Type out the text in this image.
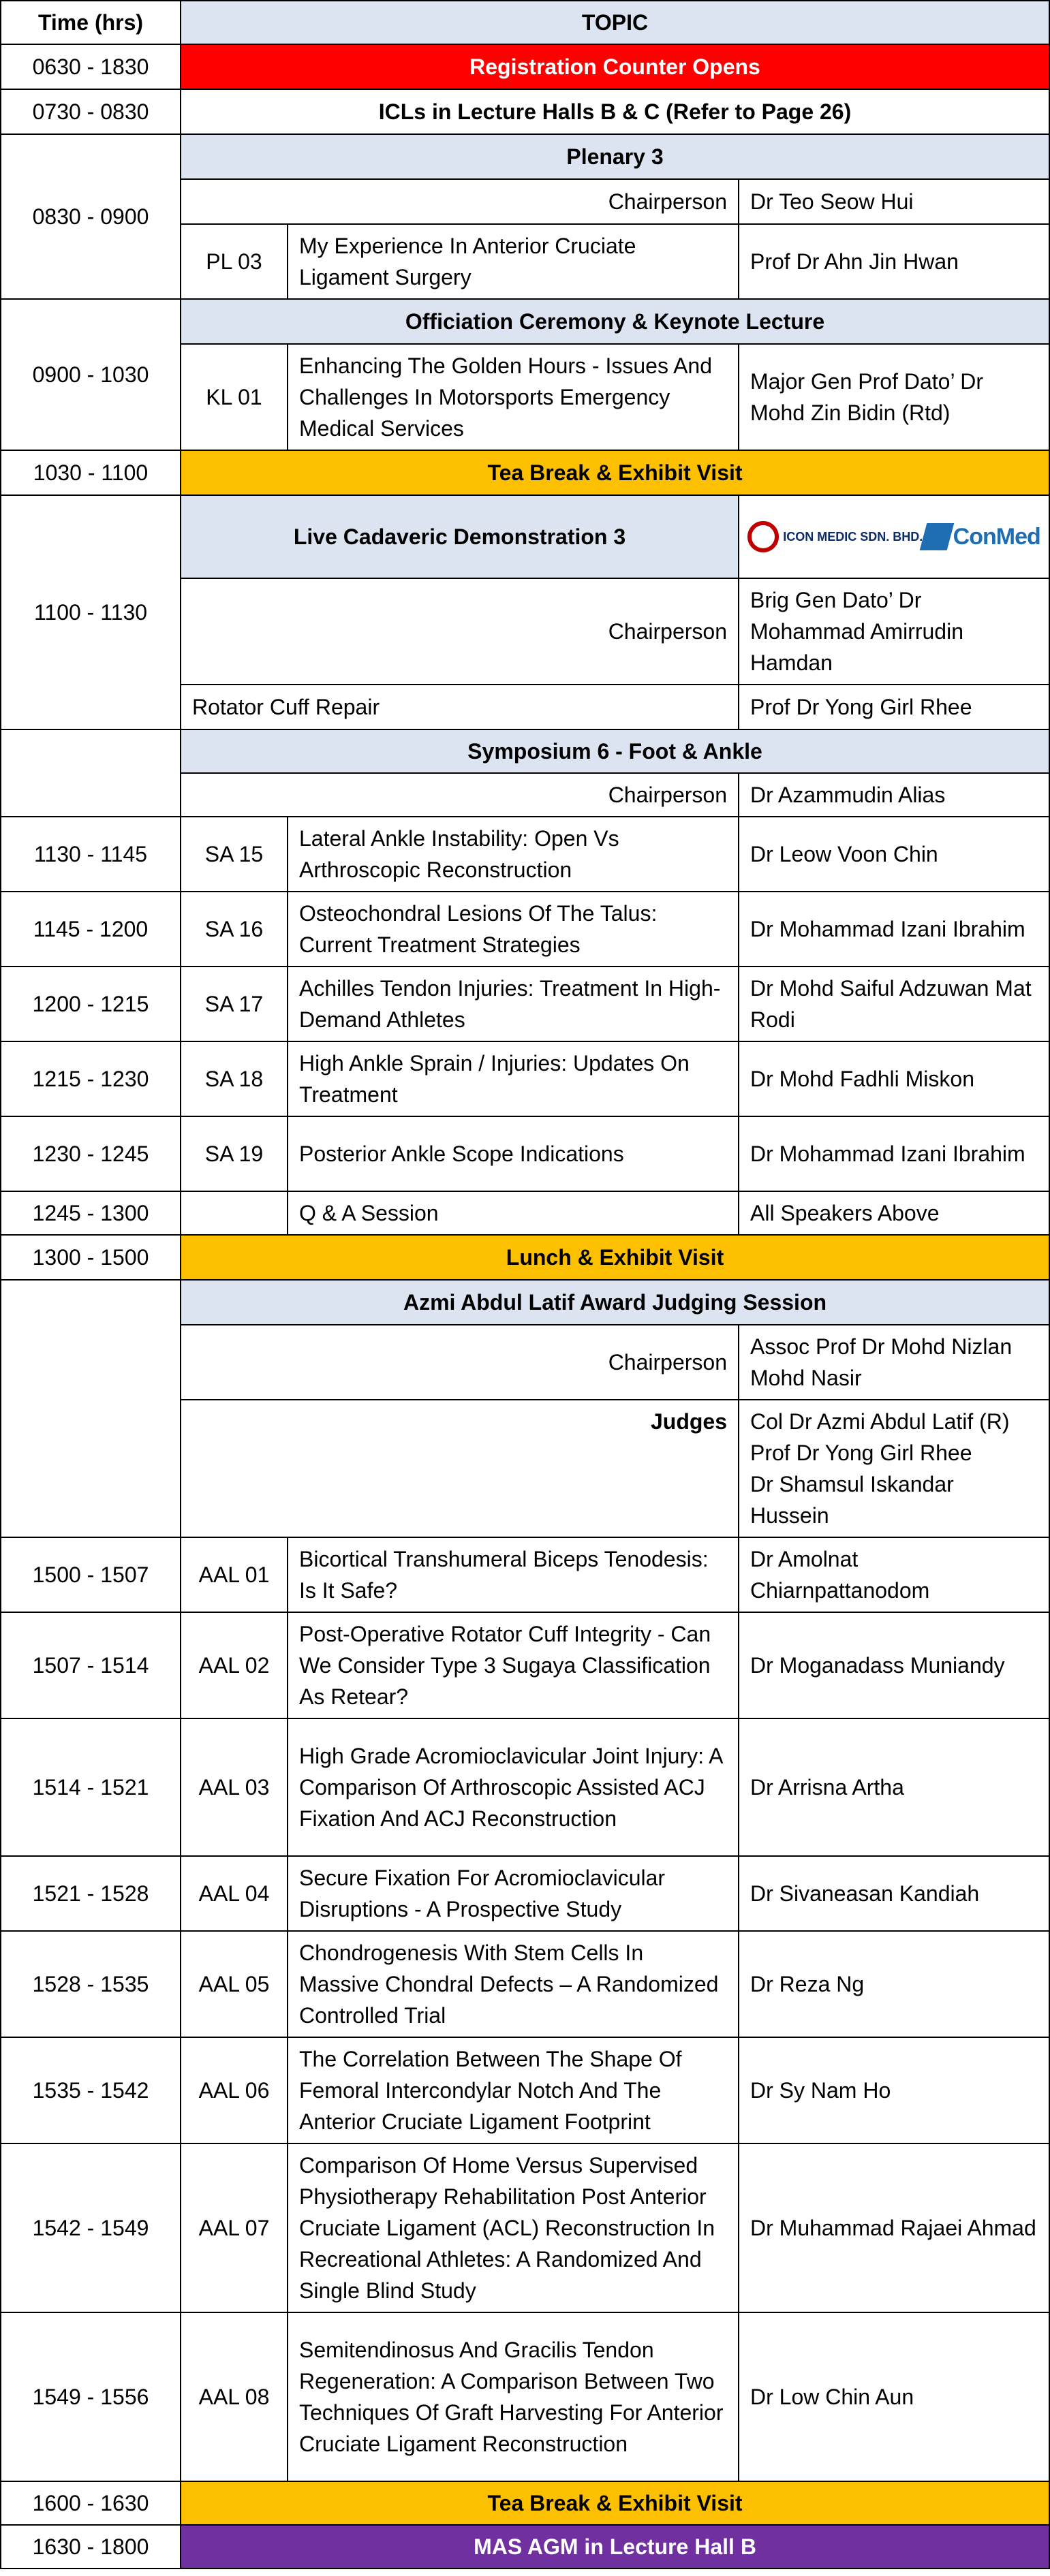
Time (hrs)	TOPIC		
0630 - 1830	Registration Counter Opens		
0730 - 0830	ICLs in Lecture Halls B & C (Refer to Page 26)		
0830 - 0900	Plenary 3		
	Chairperson		Dr Teo Seow Hui
	PL 03	My Experience In Anterior Cruciate Ligament Surgery	Prof Dr Ahn Jin Hwan
0900 - 1030	Officiation Ceremony & Keynote Lecture		
	KL 01	Enhancing The Golden Hours - Issues And Challenges In Motorsports Emergency Medical Services	Major Gen Prof Dato’ Dr Mohd Zin Bidin (Rtd)
1030 - 1100	Tea Break & Exhibit Visit		
1100 - 1130	Live Cadaveric Demonstration 3		ICON MEDIC SDN. BHD. ConMed

	Chairperson		Brig Gen Dato’ Dr Mohammad Amirrudin Hamdan
	Rotator Cuff Repair		Prof Dr Yong Girl Rhee
	Symposium 6 - Foot & Ankle		
	Chairperson		Dr Azammudin Alias
1130 - 1145	SA 15	Lateral Ankle Instability: Open Vs Arthroscopic Reconstruction	Dr Leow Voon Chin
1145 - 1200	SA 16	Osteochondral Lesions Of The Talus: Current Treatment Strategies	Dr Mohammad Izani Ibrahim
1200 - 1215	SA 17	Achilles Tendon Injuries: Treatment In High-Demand Athletes	Dr Mohd Saiful Adzuwan Mat Rodi
1215 - 1230	SA 18	High Ankle Sprain / Injuries: Updates On Treatment	Dr Mohd Fadhli Miskon
1230 - 1245	SA 19	Posterior Ankle Scope Indications	Dr Mohammad Izani Ibrahim
1245 - 1300		Q & A Session	All Speakers Above
1300 - 1500	Lunch & Exhibit Visit		
	Azmi Abdul Latif Award Judging Session		
	Chairperson		Assoc Prof Dr Mohd Nizlan Mohd Nasir
	Judges		Col Dr Azmi Abdul Latif (R)
Prof Dr Yong Girl Rhee
Dr Shamsul Iskandar Hussein

1500 - 1507	AAL 01	Bicortical Transhumeral Biceps Tenodesis: Is It Safe?	Dr Amolnat Chiarnpattanodom
1507 - 1514	AAL 02	Post-Operative Rotator Cuff Integrity - Can We Consider Type 3 Sugaya Classification As Retear?	Dr Moganadass Muniandy
1514 - 1521	AAL 03	High Grade Acromioclavicular Joint Injury: A Comparison Of Arthroscopic Assisted ACJ Fixation And ACJ Reconstruction	Dr Arrisna Artha
1521 - 1528	AAL 04	Secure Fixation For Acromioclavicular Disruptions - A Prospective Study	Dr Sivaneasan Kandiah
1528 - 1535	AAL 05	Chondrogenesis With Stem Cells In Massive Chondral Defects – A Randomized Controlled Trial	Dr Reza Ng
1535 - 1542	AAL 06	The Correlation Between The Shape Of Femoral Intercondylar Notch And The Anterior Cruciate Ligament Footprint	Dr Sy Nam Ho
1542 - 1549	AAL 07	Comparison Of Home Versus Supervised Physiotherapy Rehabilitation Post Anterior Cruciate Ligament (ACL) Reconstruction In Recreational Athletes: A Randomized And Single Blind Study	Dr Muhammad Rajaei Ahmad
1549 - 1556	AAL 08	Semitendinosus And Gracilis Tendon Regeneration: A Comparison Between Two Techniques Of Graft Harvesting For Anterior Cruciate Ligament Reconstruction	Dr Low Chin Aun
1600 - 1630	Tea Break & Exhibit Visit		
1630 - 1800	MAS AGM in Lecture Hall B		
